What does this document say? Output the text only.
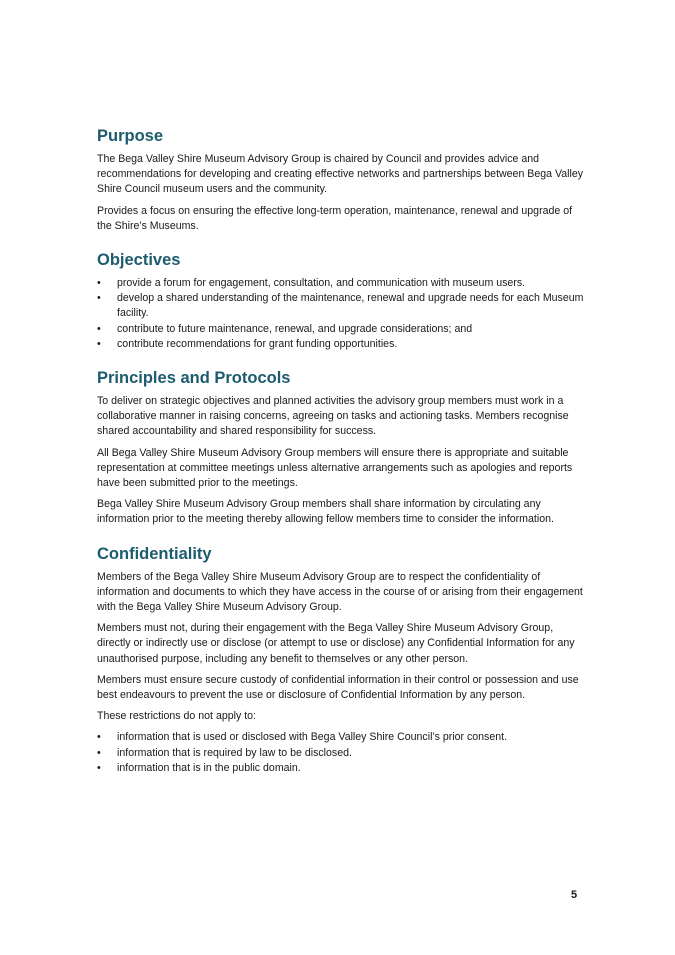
Purpose

The Bega Valley Shire Museum Advisory Group is chaired by Council and provides advice and recommendations for developing and creating effective networks and partnerships between Bega Valley Shire Council museum users and the community.

Provides a focus on ensuring the effective long-term operation, maintenance, renewal and upgrade of the Shire’s Museums.

Objectives
• provide a forum for engagement, consultation, and communication with museum users.
• develop a shared understanding of the maintenance, renewal and upgrade needs for each Museum facility.
• contribute to future maintenance, renewal, and upgrade considerations; and
• contribute recommendations for grant funding opportunities.
Principles and Protocols

To deliver on strategic objectives and planned activities the advisory group members must work in a collaborative manner in raising concerns, agreeing on tasks and actioning tasks. Members recognise shared accountability and shared responsibility for success.

All Bega Valley Shire Museum Advisory Group members will ensure there is appropriate and suitable representation at committee meetings unless alternative arrangements such as apologies and reports have been submitted prior to the meetings.

Bega Valley Shire Museum Advisory Group members shall share information by circulating any information prior to the meeting thereby allowing fellow members time to consider the information.

Confidentiality

Members of the Bega Valley Shire Museum Advisory Group are to respect the confidentiality of information and documents to which they have access in the course of or arising from their engagement with the Bega Valley Shire Museum Advisory Group.

Members must not, during their engagement with the Bega Valley Shire Museum Advisory Group, directly or indirectly use or disclose (or attempt to use or disclose) any Confidential Information for any unauthorised purpose, including any benefit to themselves or any other person.

Members must ensure secure custody of confidential information in their control or possession and use best endeavours to prevent the use or disclosure of Confidential Information by any person.

These restrictions do not apply to:

• information that is used or disclosed with Bega Valley Shire Council’s prior consent.
• information that is required by law to be disclosed.
• information that is in the public domain.
5
